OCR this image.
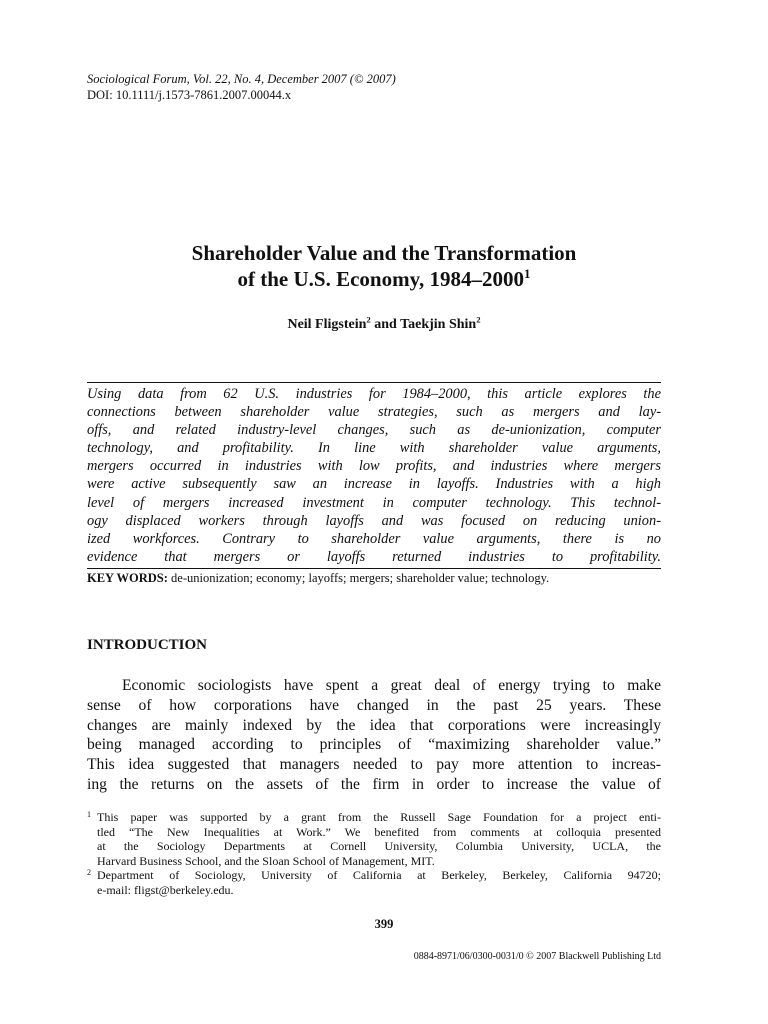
Sociological Forum, Vol. 22, No. 4, December 2007 (© 2007)
DOI: 10.1111/j.1573-7861.2007.00044.x
Shareholder Value and the Transformation
of the U.S. Economy, 1984–2000$^1$
Neil Fligstein$^2$ and Taekjin Shin$^2$
Using data from 62 U.S. industries for 1984–2000, this article explores the
connections between shareholder value strategies, such as mergers and lay-
offs, and related industry-level changes, such as de-unionization, computer
technology, and profitability. In line with shareholder value arguments,
mergers occurred in industries with low profits, and industries where mergers
were active subsequently saw an increase in layoffs. Industries with a high
level of mergers increased investment in computer technology. This technol-
ogy displaced workers through layoffs and was focused on reducing union-
ized workforces. Contrary to shareholder value arguments, there is no
evidence that mergers or layoffs returned industries to profitability.
KEY WORDS: de-unionization; economy; layoffs; mergers; shareholder value; technology.
INTRODUCTION
Economic sociologists have spent a great deal of energy trying to make
sense of how corporations have changed in the past 25 years. These
changes are mainly indexed by the idea that corporations were increasingly
being managed according to principles of “maximizing shareholder value.”
This idea suggested that managers needed to pay more attention to increas-
ing the returns on the assets of the firm in order to increase the value of
1 This paper was supported by a grant from the Russell Sage Foundation for a project enti-
tled “The New Inequalities at Work.” We benefited from comments at colloquia presented
at the Sociology Departments at Cornell University, Columbia University, UCLA, the
Harvard Business School, and the Sloan School of Management, MIT.
2 Department of Sociology, University of California at Berkeley, Berkeley, California 94720;
e-mail: fligst@berkeley.edu.
399
0884-8971/06/0300-0031/0 © 2007 Blackwell Publishing Ltd
